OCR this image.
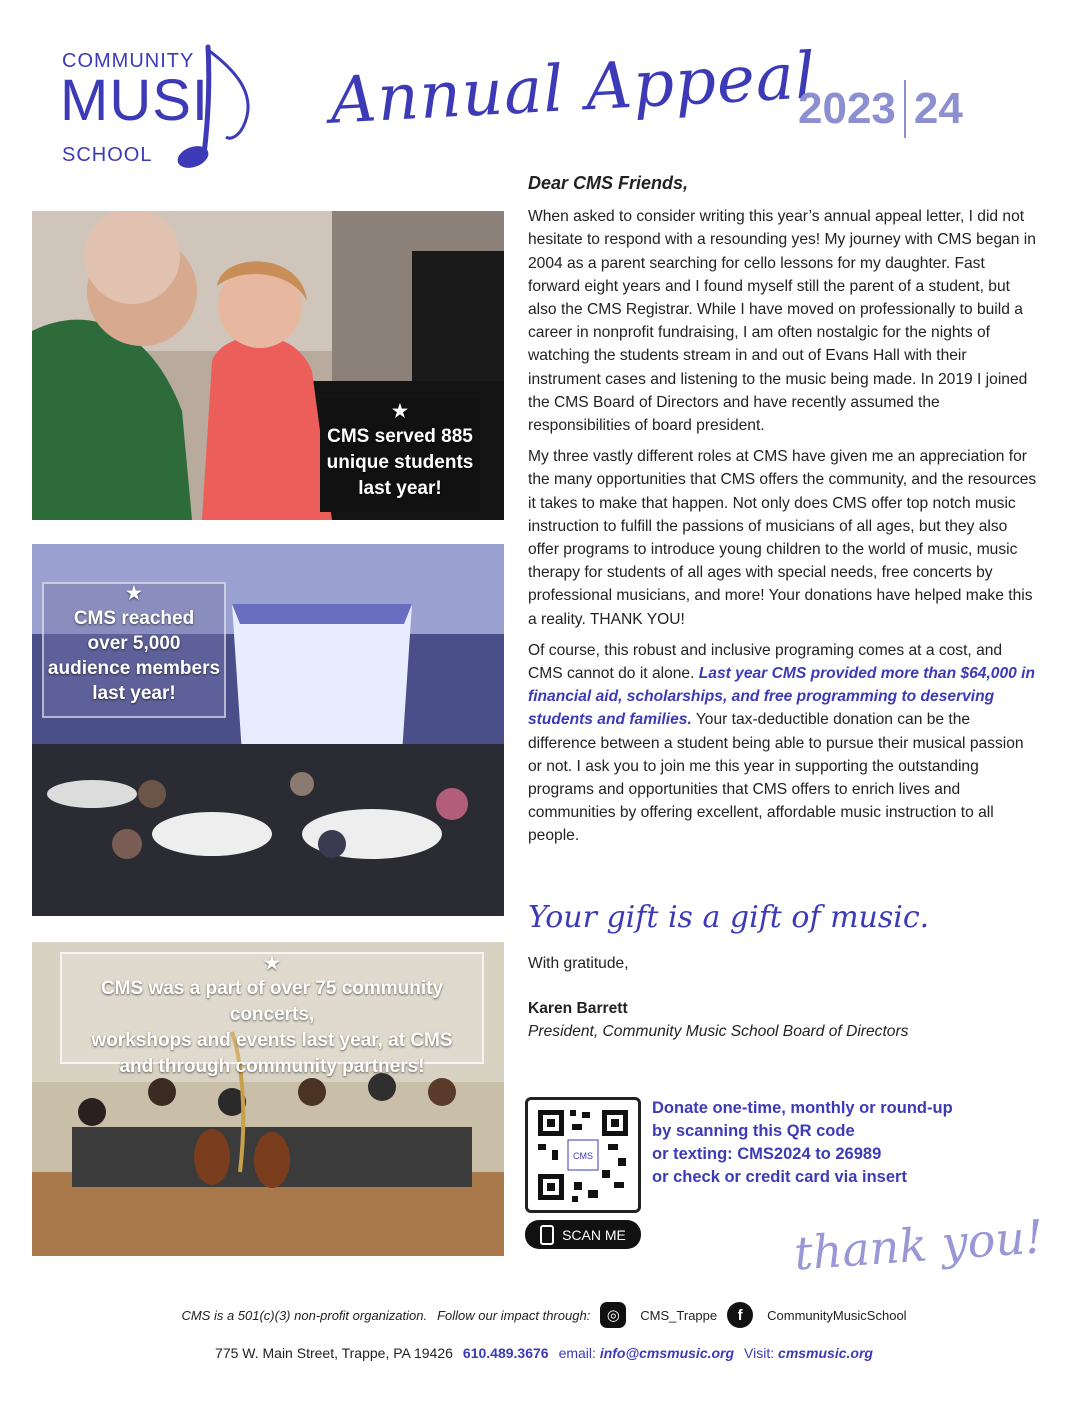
COMMUNITY
MUSI
SCHOOL
Annual Appeal
2023 24
★
CMS served 885
unique students
last year!
★
CMS reached
over 5,000
audience members
last year!
★
CMS was a part of over 75 community concerts,
workshops and events last year, at CMS
and through community partners!
Dear CMS Friends,

When asked to consider writing this year’s annual appeal letter, I did not hesitate to respond with a resounding yes! My journey with CMS began in 2004 as a parent searching for cello lessons for my daughter. Fast forward eight years and I found myself still the parent of a student, but also the CMS Registrar. While I have moved on professionally to build a career in nonprofit fundraising, I am often nostalgic for the nights of watching the students stream in and out of Evans Hall with their instrument cases and listening to the music being made. In 2019 I joined the CMS Board of Directors and have recently assumed the responsibilities of board president.

My three vastly different roles at CMS have given me an appreciation for the many opportunities that CMS offers the community, and the resources it takes to make that happen. Not only does CMS offer top notch music instruction to fulfill the passions of musicians of all ages, but they also offer programs to introduce young children to the world of music, music therapy for students of all ages with special needs, free concerts by professional musicians, and more! Your donations have helped make this a reality. THANK YOU!

Of course, this robust and inclusive programing comes at a cost, and CMS cannot do it alone. Last year CMS provided more than $64,000 in financial aid, scholarships, and free programming to deserving students and families. Your tax-deductible donation can be the difference between a student being able to pursue their musical passion or not. I ask you to join me this year in supporting the outstanding programs and opportunities that CMS offers to enrich lives and communities by offering excellent, affordable music instruction to all people.

Your gift is a gift of music.
With gratitude,
Karen Barrett
President, Community Music School Board of Directors
CMS
SCAN ME
Donate one-time, monthly or round-up
by scanning this QR code
or texting: CMS2024 to 26989
or check or credit card via insert
thank you!
CMS is a 501(c)(3) non-profit organization. Follow our impact through:	◎	CMS_Trappe	f	CommunityMusicSchool
775 W. Main Street, Trappe, PA 19426 610.489.3676 email: info@cmsmusic.org Visit: cmsmusic.org
